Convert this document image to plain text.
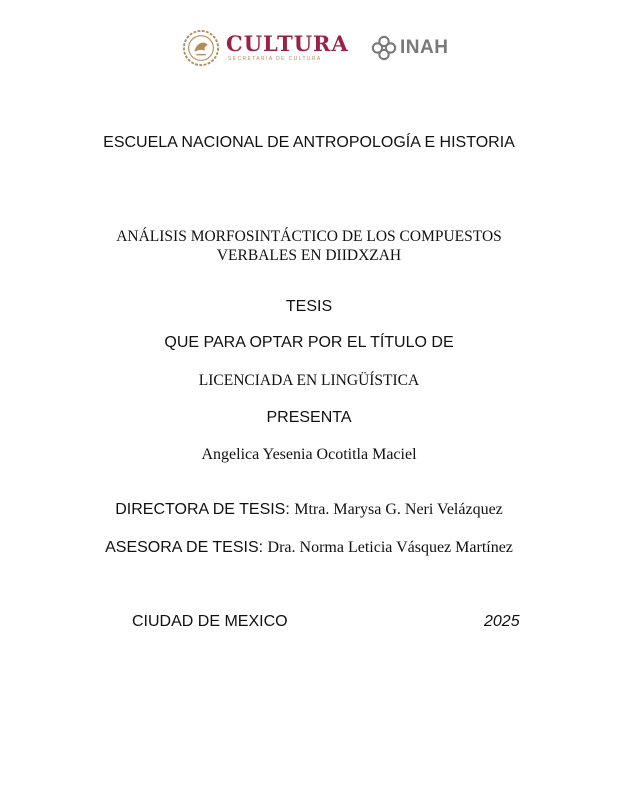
CULTURA
SECRETARÍA DE CULTURA
INAH
ESCUELA NACIONAL DE ANTROPOLOGÍA E HISTORIA
ANÁLISIS MORFOSINTÁCTICO DE LOS COMPUESTOS
VERBALES EN DIIDXZAH
TESIS
QUE PARA OPTAR POR EL TÍTULO DE
LICENCIADA EN LINGÜÍSTICA
PRESENTA
Angelica Yesenia Ocotitla Maciel
DIRECTORA DE TESIS: Mtra. Marysa G. Neri Velázquez
ASESORA DE TESIS: Dra. Norma Leticia Vásquez Martínez
CIUDAD DE MEXICO	2025
